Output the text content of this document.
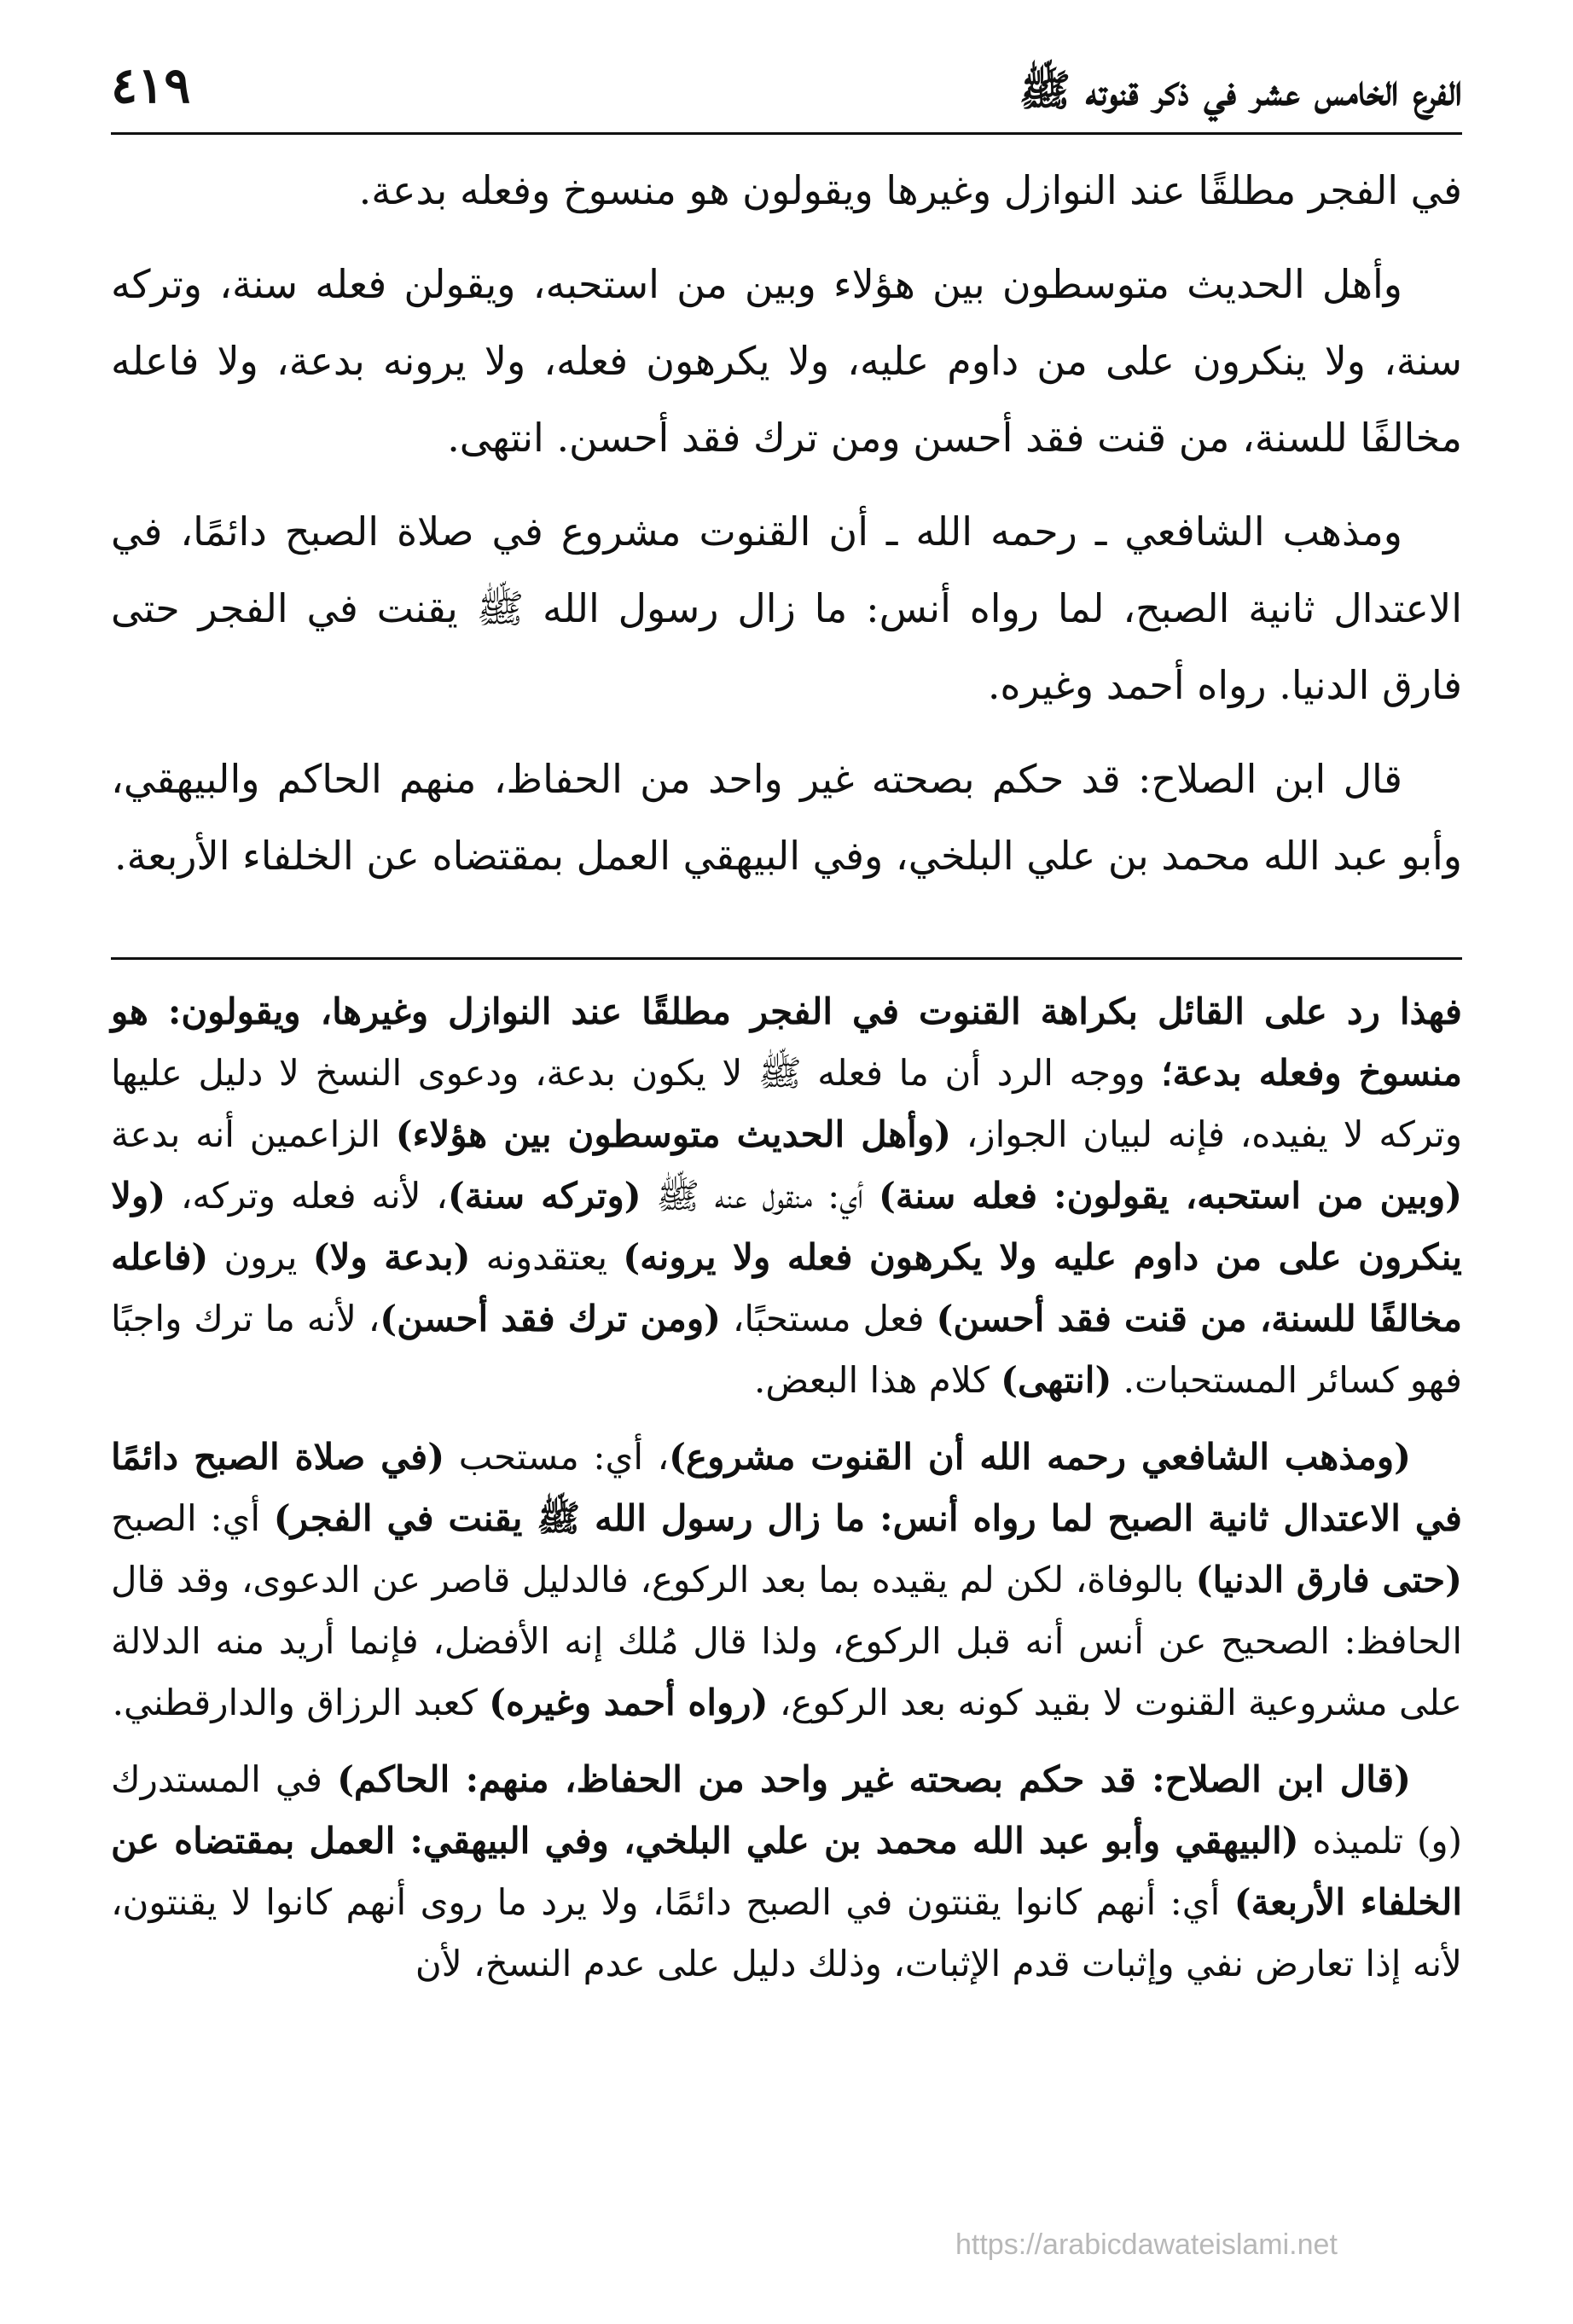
الفرع الخامس عشر في ذكر قنوته ﷺ
٤١٩

في الفجر مطلقًا عند النوازل وغيرها ويقولون هو منسوخ وفعله بدعة.

وأهل الحديث متوسطون بين هؤلاء وبين من استحبه، ويقولن فعله سنة، وتركه سنة، ولا ينكرون على من داوم عليه، ولا يكرهون فعله، ولا يرونه بدعة، ولا فاعله مخالفًا للسنة، من قنت فقد أحسن ومن ترك فقد أحسن. انتهى.

ومذهب الشافعي ـ رحمه الله ـ أن القنوت مشروع في صلاة الصبح دائمًا، في الاعتدال ثانية الصبح، لما رواه أنس: ما زال رسول الله ﷺ يقنت في الفجر حتى فارق الدنيا. رواه أحمد وغيره.

قال ابن الصلاح: قد حكم بصحته غير واحد من الحفاظ، منهم الحاكم والبيهقي، وأبو عبد الله محمد بن علي البلخي، وفي البيهقي العمل بمقتضاه عن الخلفاء الأربعة.

فهذا رد على القائل بكراهة القنوت في الفجر مطلقًا عند النوازل وغيرها، ويقولون: هو منسوخ وفعله بدعة؛ ووجه الرد أن ما فعله ﷺ لا يكون بدعة، ودعوى النسخ لا دليل عليها وتركه لا يفيده، فإنه لبيان الجواز، (وأهل الحديث متوسطون بين هؤلاء) الزاعمين أنه بدعة (وبين من استحبه، يقولون: فعله سنة) أي: منقول عنه ﷺ (وتركه سنة)، لأنه فعله وتركه، (ولا ينكرون على من داوم عليه ولا يكرهون فعله ولا يرونه) يعتقدونه (بدعة ولا) يرون (فاعله مخالفًا للسنة، من قنت فقد أحسن) فعل مستحبًا، (ومن ترك فقد أحسن)، لأنه ما ترك واجبًا فهو كسائر المستحبات. (انتهى) كلام هذا البعض.

(ومذهب الشافعي رحمه الله أن القنوت مشروع)، أي: مستحب (في صلاة الصبح دائمًا في الاعتدال ثانية الصبح لما رواه أنس: ما زال رسول الله ﷺ يقنت في الفجر) أي: الصبح (حتى فارق الدنيا) بالوفاة، لكن لم يقيده بما بعد الركوع، فالدليل قاصر عن الدعوى، وقد قال الحافظ: الصحيح عن أنس أنه قبل الركوع، ولذا قال مُلك إنه الأفضل، فإنما أريد منه الدلالة على مشروعية القنوت لا بقيد كونه بعد الركوع، (رواه أحمد وغيره) كعبد الرزاق والدارقطني.

(قال ابن الصلاح: قد حكم بصحته غير واحد من الحفاظ، منهم: الحاكم) في المستدرك (و) تلميذه (البيهقي وأبو عبد الله محمد بن علي البلخي، وفي البيهقي: العمل بمقتضاه عن الخلفاء الأربعة) أي: أنهم كانوا يقنتون في الصبح دائمًا، ولا يرد ما روى أنهم كانوا لا يقنتون، لأنه إذا تعارض نفي وإثبات قدم الإثبات، وذلك دليل على عدم النسخ، لأن

https://arabicdawateislami.net
